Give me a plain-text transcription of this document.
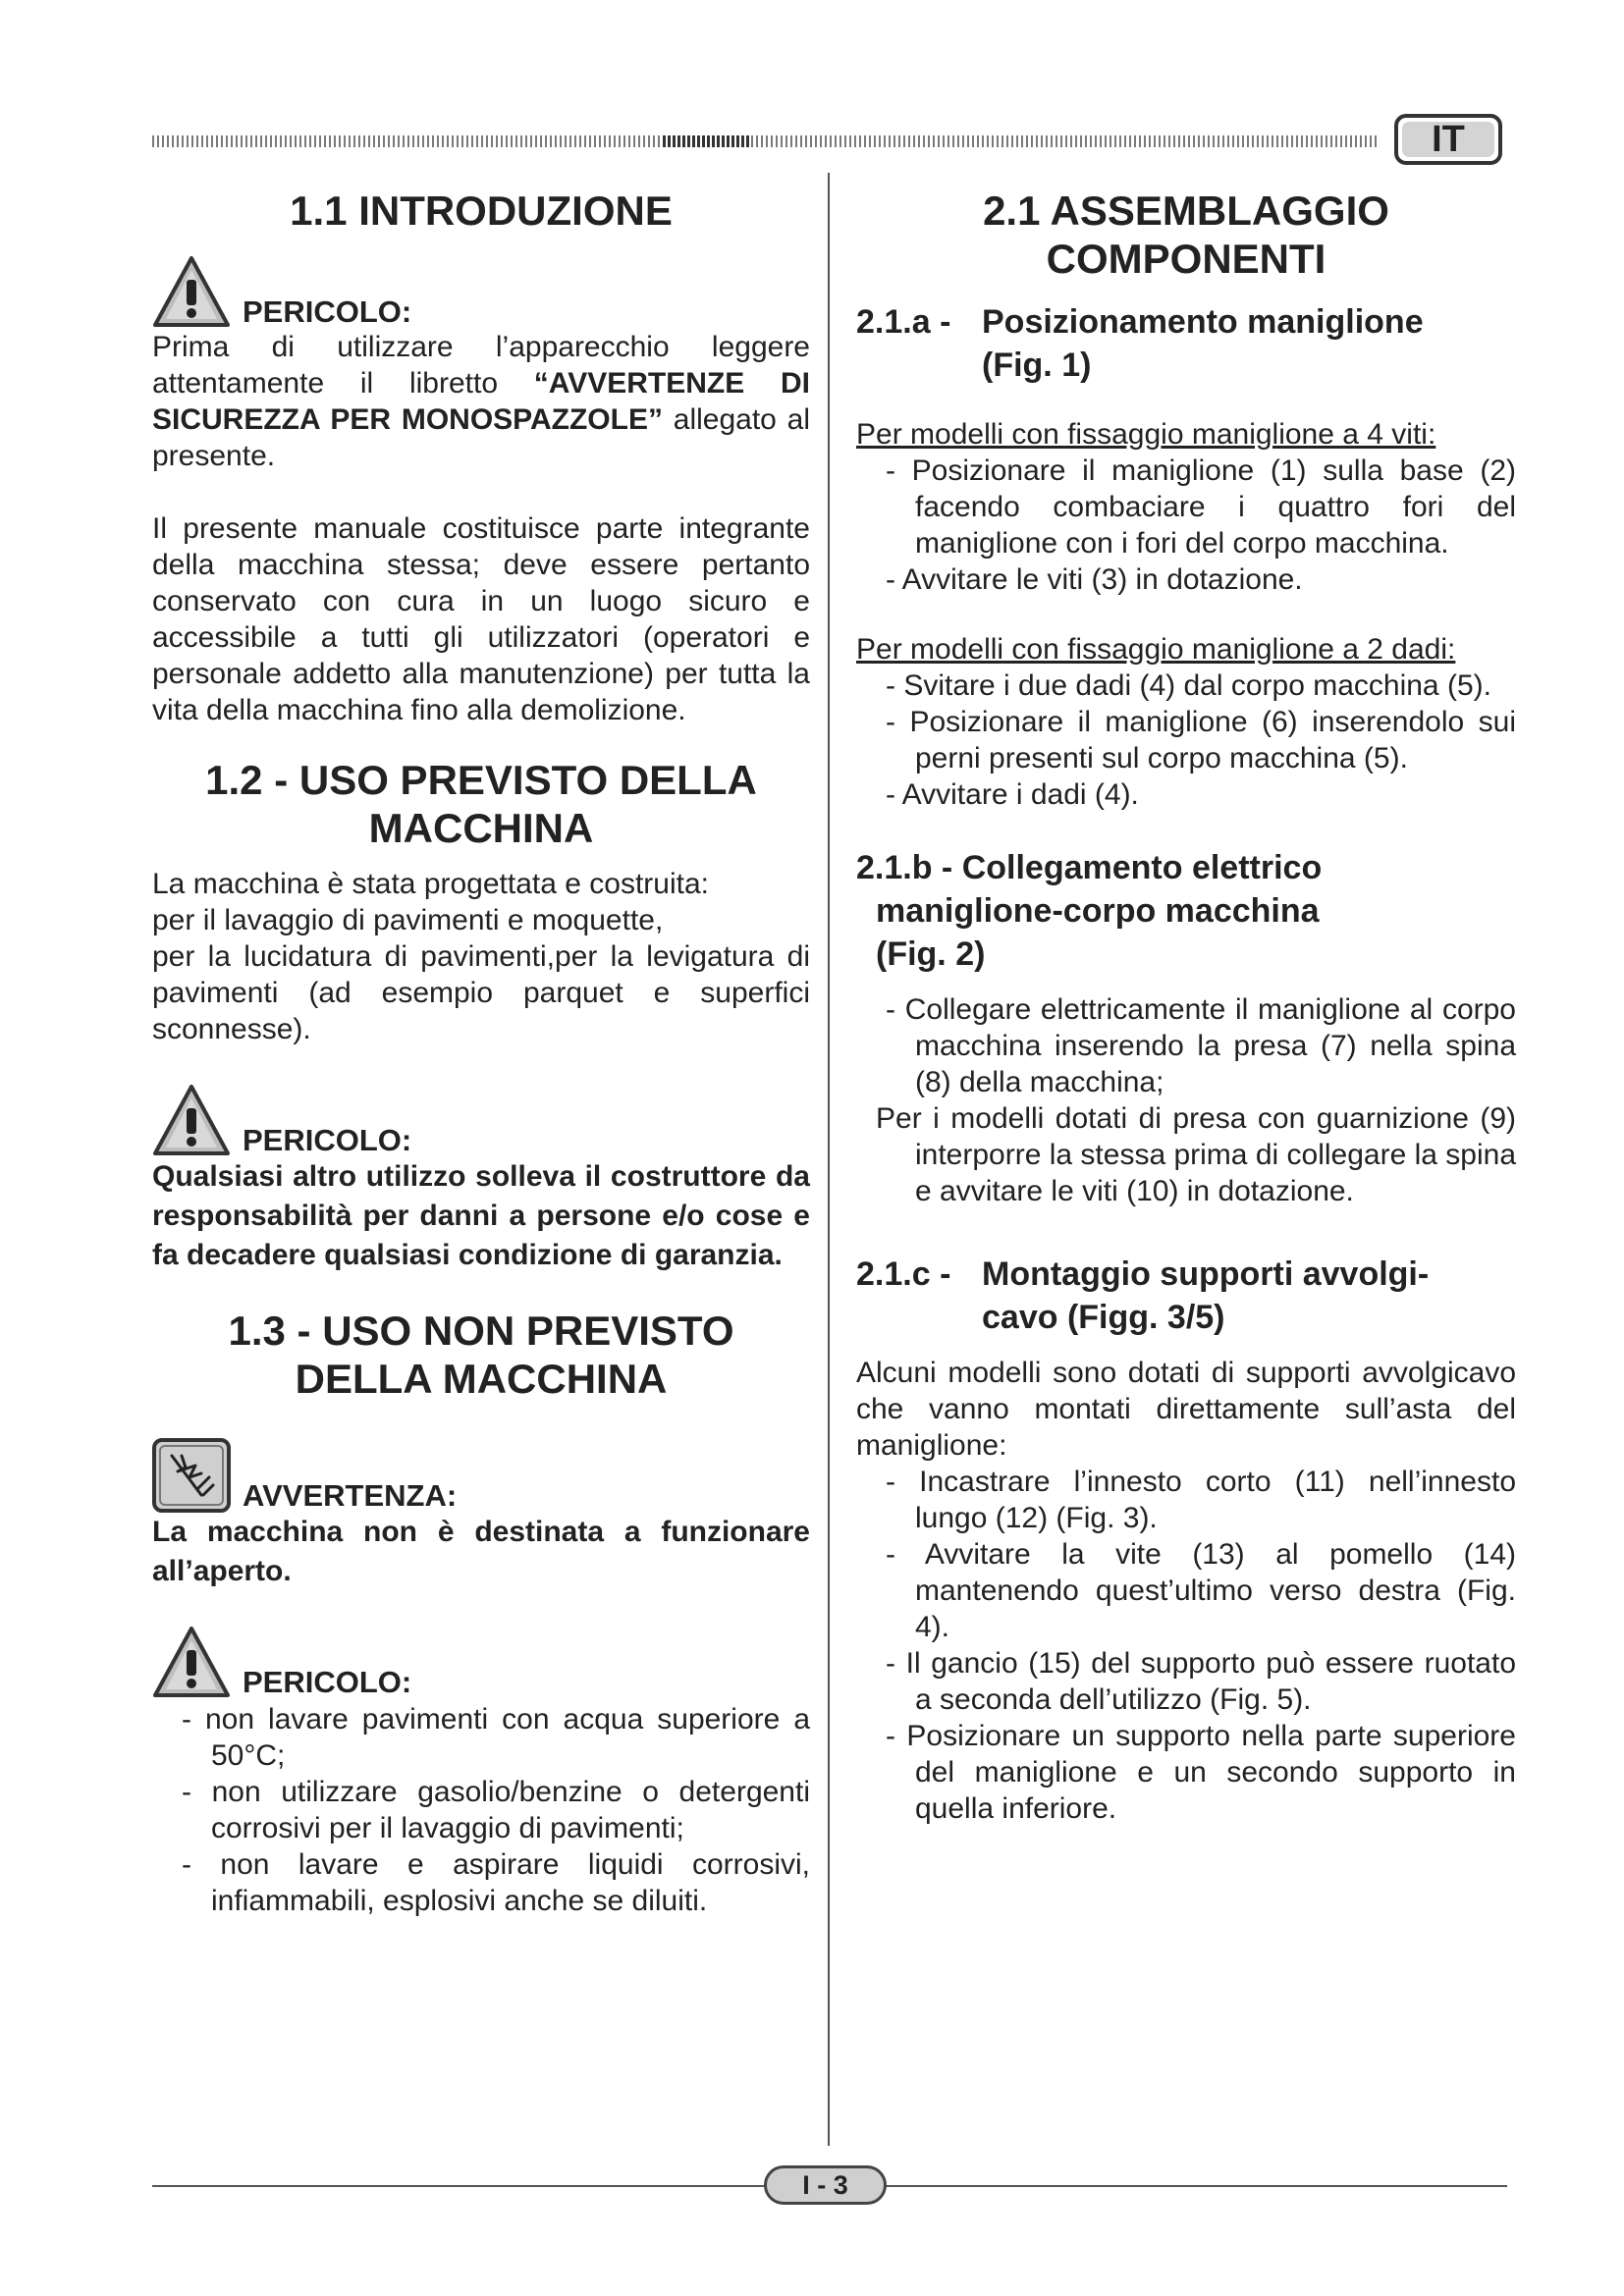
IT
1.1 INTRODUZIONE
PERICOLO:

Prima di utilizzare l’apparecchio leggere attentamente il libretto “AVVERTENZE DI SICUREZZA PER MONOSPAZZOLE” allegato al presente.

Il presente manuale costituisce parte integrante della macchina stessa; deve essere pertanto conservato con cura in un luogo sicuro e accessibile a tutti gli utilizzatori (operatori e personale addetto alla manutenzione) per tutta la vita della macchina fino alla demolizione.

1.2 - USO PREVISTO DELLA
MACCHINA

La macchina è stata progettata e costruita:

per il lavaggio di pavimenti e moquette,

per la lucidatura di pavimenti,per la levigatura di pavimenti (ad esempio parquet e superfici sconnesse).

PERICOLO:

Qualsiasi altro utilizzo solleva il costruttore da responsabilità per danni a persone e/o cose e fa decadere qualsiasi condizione di garanzia.

1.3 - USO NON PREVISTO
DELLA MACCHINA
AVVERTENZA:

La macchina non è destinata a funzionare all’aperto.

PERICOLO:
- non lavare pavimenti con acqua superiore a 50°C;
- non utilizzare gasolio/benzine o detergenti corrosivi per il lavaggio di pavimenti;
- non lavare e aspirare liquidi corrosivi, infiammabili, esplosivi anche se diluiti.
2.1 ASSEMBLAGGIO
COMPONENTI
2.1.a - Posizionamento maniglione
(Fig. 1)

Per modelli con fissaggio maniglione a 4 viti:

- Posizionare il maniglione (1) sulla base (2) facendo combaciare i quattro fori del maniglione con i fori del corpo macchina.
- Avvitare le viti (3) in dotazione.

Per modelli con fissaggio maniglione a 2 dadi:

- Svitare i due dadi (4) dal corpo macchina (5).
- Posizionare il maniglione (6) inserendolo sui perni presenti sul corpo macchina (5).
- Avvitare i dadi (4).
2.1.b - Collegamento elettrico
maniglione-corpo macchina
(Fig. 2)
- Collegare elettricamente il maniglione al corpo macchina inserendo la presa (7) nella spina (8) della macchina;

Per i modelli dotati di presa con guarnizione (9) interporre la stessa prima di collegare la spina e avvitare le viti (10) in dotazione.

2.1.c - Montaggio supporti avvolgi-
cavo (Figg. 3/5)

Alcuni modelli sono dotati di supporti avvolgicavo che vanno montati direttamente sull’asta del maniglione:

- Incastrare l’innesto corto (11) nell’innesto lungo (12) (Fig. 3).
- Avvitare la vite (13) al pomello (14) mantenendo quest’ultimo verso destra (Fig. 4).
- Il gancio (15) del supporto può essere ruotato a seconda dell’utilizzo (Fig. 5).
- Posizionare un supporto nella parte superiore del maniglione e un secondo supporto in quella inferiore.
I - 3
